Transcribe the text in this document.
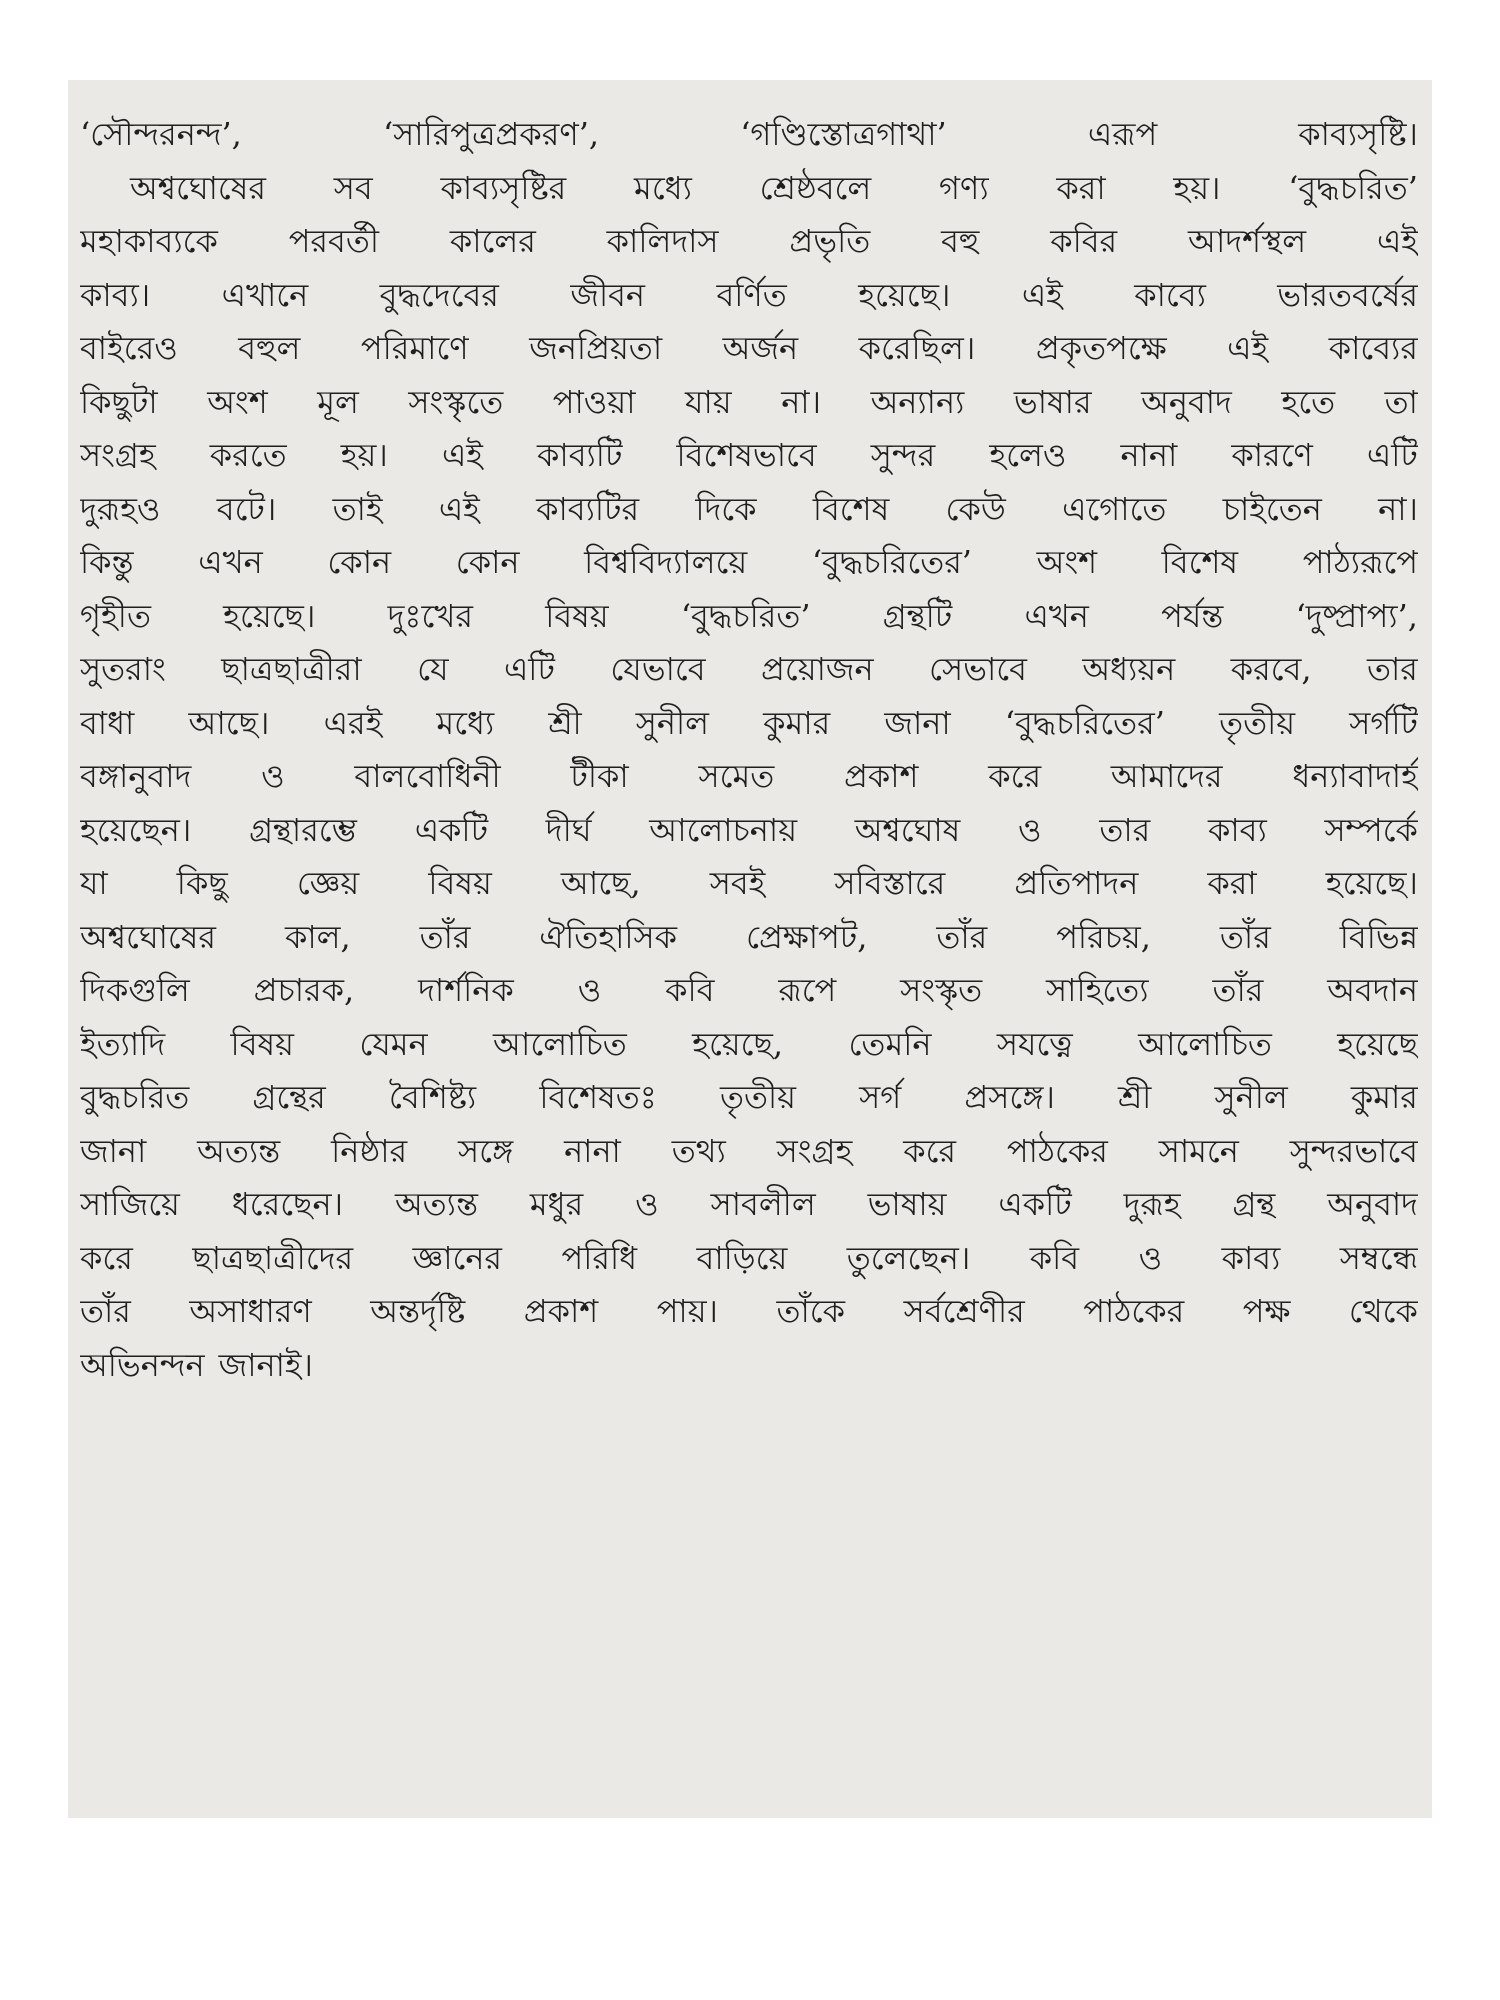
‘সৌন্দরনন্দ’,	‘সারিপুত্রপ্রকরণ’,	‘গণ্ডিস্তোত্রগাথা’	এরূপ	কাব্যসৃষ্টি।
অশ্বঘোষের সব কাব্যসৃষ্টির মধ্যে শ্রেষ্ঠবলে গণ্য করা হয়। ‘বুদ্ধচরিত’
মহাকাব্যকে পরবর্তী কালের কালিদাস প্রভৃতি বহু কবির আদর্শস্থল এই
কাব্য। এখানে বুদ্ধদেবের জীবন বর্ণিত হয়েছে। এই কাব্যে ভারতবর্ষের
বাইরেও বহুল পরিমাণে জনপ্রিয়তা অর্জন করেছিল। প্রকৃতপক্ষে এই কাব্যের
কিছুটা অংশ মূল সংস্কৃতে পাওয়া যায় না। অন্যান্য ভাষার অনুবাদ হতে তা
সংগ্রহ করতে হয়। এই কাব্যটি বিশেষভাবে সুন্দর হলেও নানা কারণে এটি
দুরূহও বটে। তাই এই কাব্যটির দিকে বিশেষ কেউ এগোতে চাইতেন না।
কিন্তু এখন কোন কোন বিশ্ববিদ্যালয়ে ‘বুদ্ধচরিতের’ অংশ বিশেষ পাঠ্যরূপে
গৃহীত হয়েছে। দুঃখের বিষয় ‘বুদ্ধচরিত’ গ্রন্থটি এখন পর্যন্ত ‘দুষ্প্রাপ্য’,
সুতরাং ছাত্রছাত্রীরা যে এটি যেভাবে প্রয়োজন সেভাবে অধ্যয়ন করবে, তার
বাধা আছে। এরই মধ্যে শ্রী সুনীল কুমার জানা ‘বুদ্ধচরিতের’ তৃতীয় সর্গটি
বঙ্গানুবাদ ও বালবোধিনী টীকা সমেত প্রকাশ করে আমাদের ধন্যাবাদার্হ
হয়েছেন। গ্রন্থারম্ভে একটি দীর্ঘ আলোচনায় অশ্বঘোষ ও তার কাব্য সম্পর্কে
যা কিছু জ্ঞেয় বিষয় আছে, সবই সবিস্তারে প্রতিপাদন করা হয়েছে।
অশ্বঘোষের কাল, তাঁর ঐতিহাসিক প্রেক্ষাপট, তাঁর পরিচয়, তাঁর বিভিন্ন
দিকগুলি প্রচারক, দার্শনিক ও কবি রূপে সংস্কৃত সাহিত্যে তাঁর অবদান
ইত্যাদি বিষয় যেমন আলোচিত হয়েছে, তেমনি সযত্নে আলোচিত হয়েছে
বুদ্ধচরিত গ্রন্থের বৈশিষ্ট্য বিশেষতঃ তৃতীয় সর্গ প্রসঙ্গে। শ্রী সুনীল কুমার
জানা অত্যন্ত নিষ্ঠার সঙ্গে নানা তথ্য সংগ্রহ করে পাঠকের সামনে সুন্দরভাবে
সাজিয়ে ধরেছেন। অত্যন্ত মধুর ও সাবলীল ভাষায় একটি দুরূহ গ্রন্থ অনুবাদ
করে ছাত্রছাত্রীদের জ্ঞানের পরিধি বাড়িয়ে তুলেছেন। কবি ও কাব্য সম্বন্ধে
তাঁর অসাধারণ অন্তর্দৃষ্টি প্রকাশ পায়। তাঁকে সর্বশ্রেণীর পাঠকের পক্ষ থেকে
অভিনন্দন জানাই।
